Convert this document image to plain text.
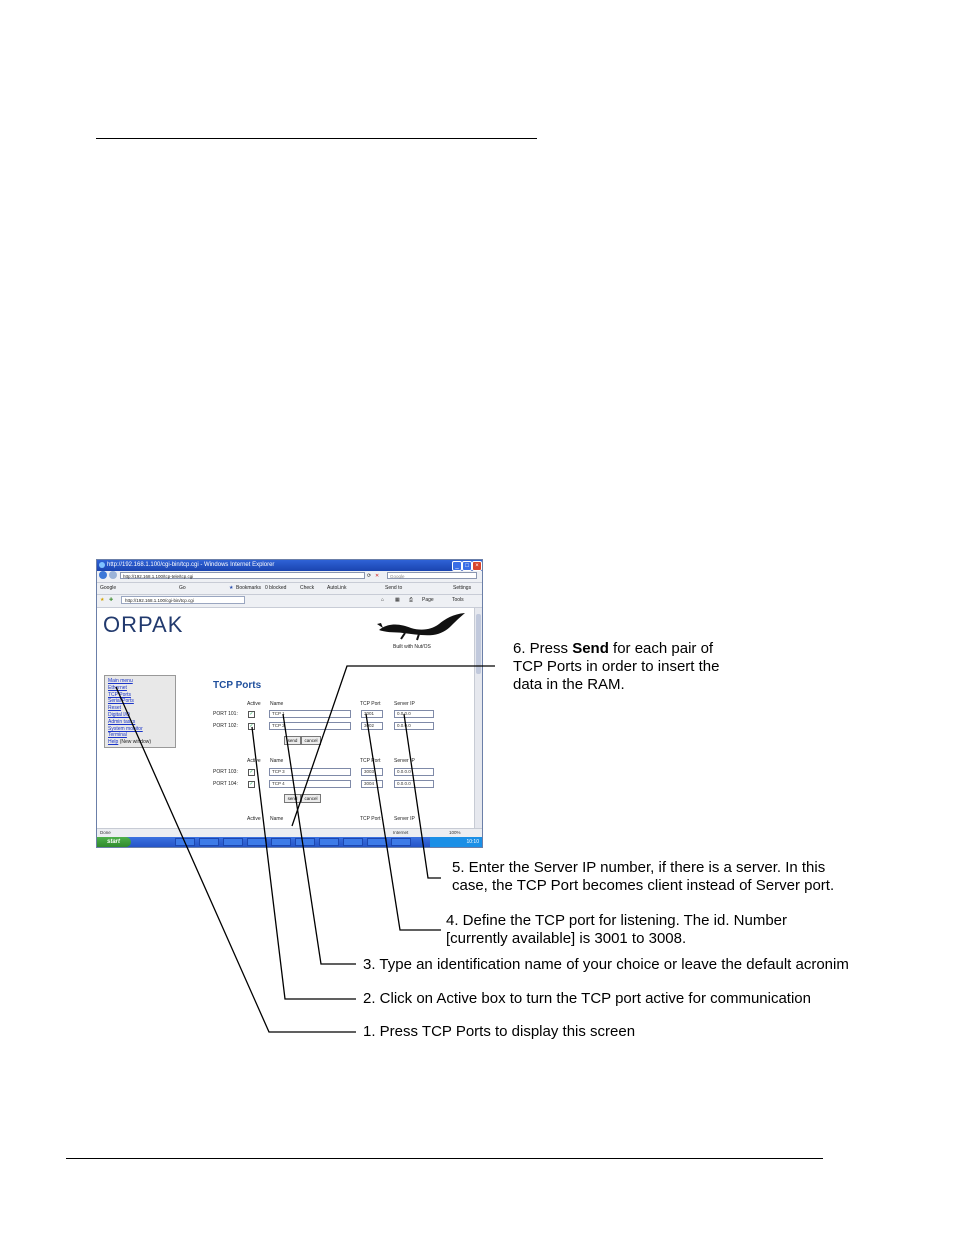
http://192.168.1.100/cgi-bin/tcp.cgi - Windows Internet Explorer	_	□	×
http://192.168.1.100/tcp-tele/tcp.cgi	⟳ ✕	Google
Google	Go	★ Bookmarks 0 blocked	Check	AutoLink	Send to	Settings
★ ✚	http://192.168.1.100/cgi-bin/tcp.cgi	⌂ ▦ ⎙ Page	Tools
ORPAK
Built with Nut/OS
Main menu
Ethernet
TCP Ports
Serial Ports
Reset
Digital I/O
Admin tasks
System monitor
Terminal
Help (New window)
TCP Ports
Active Name	TCP Port	Server IP
PORT 101: ✓	TCP 1	3001	0.0.0.0
PORT 102: ✓	TCP 2	3002	0.0.0.0
send	cancel
Active Name	TCP Port	Server IP
PORT 103: ✓	TCP 3	3003	0.0.0.0
PORT 104: ✓	TCP 4	3004	0.0.0.0
send	cancel
Active Name	TCP Port	Server IP
Done	Internet	100%
start	10:10
6. Press Send for each pair of
TCP Ports in order to insert the
data in the RAM.
5. Enter the Server IP number, if there is a server. In this
case, the TCP Port becomes client instead of Server port.
4. Define the TCP port for listening. The id. Number
[currently available] is 3001 to 3008.
3. Type an identification name of your choice or leave the default acronim
2. Click on Active box to turn the TCP port active for communication
1. Press TCP Ports to display this screen
